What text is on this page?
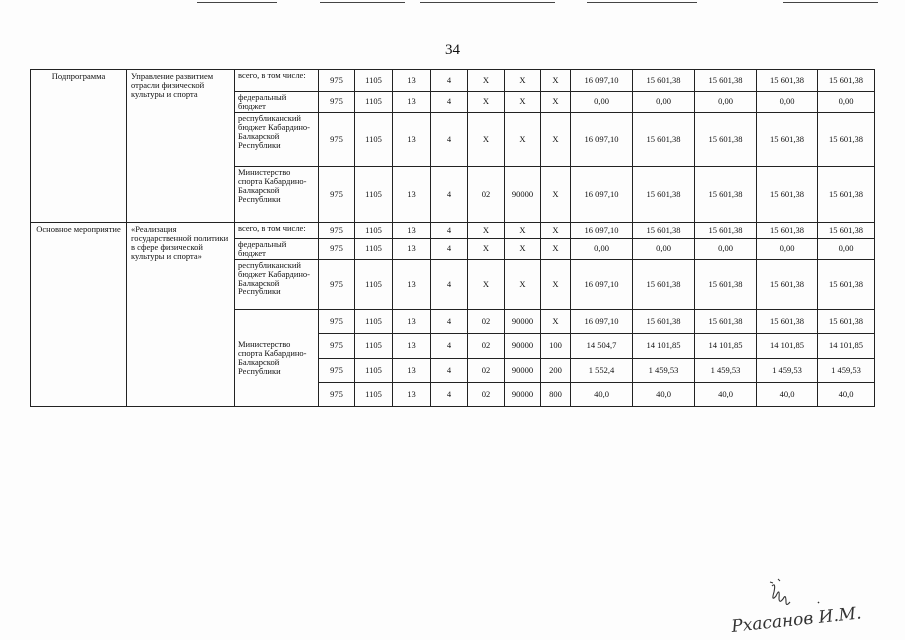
34
Подпрограмма	Управление развитием отрасли физической культуры и спорта	всего, в том числе:	975	1105	13	4	X	X	X	16 097,10	15 601,38	15 601,38	15 601,38	15 601,38
		федеральный бюджет	975	1105	13	4	X	X	X	0,00	0,00	0,00	0,00	0,00
		республиканский бюджет Кабардино-Балкарской Республики	975	1105	13	4	X	X	X	16 097,10	15 601,38	15 601,38	15 601,38	15 601,38
		Министерство спорта Кабардино-Балкарской Республики	975	1105	13	4	02	90000	X	16 097,10	15 601,38	15 601,38	15 601,38	15 601,38
Основное мероприятие	«Реализация государственной политики в сфере физической культуры и спорта»	всего, в том числе:	975	1105	13	4	X	X	X	16 097,10	15 601,38	15 601,38	15 601,38	15 601,38
		федеральный бюджет	975	1105	13	4	X	X	X	0,00	0,00	0,00	0,00	0,00
		республиканский бюджет Кабардино-Балкарской Республики	975	1105	13	4	X	X	X	16 097,10	15 601,38	15 601,38	15 601,38	15 601,38
		Министерство спорта Кабардино-Балкарской Республики	975	1105	13	4	02	90000	X	16 097,10	15 601,38	15 601,38	15 601,38	15 601,38
			975	1105	13	4	02	90000	100	14 504,7	14 101,85	14 101,85	14 101,85	14 101,85
			975	1105	13	4	02	90000	200	1 552,4	1 459,53	1 459,53	1 459,53	1 459,53
			975	1105	13	4	02	90000	800	40,0	40,0	40,0	40,0	40,0
Рхасанов И.М.
